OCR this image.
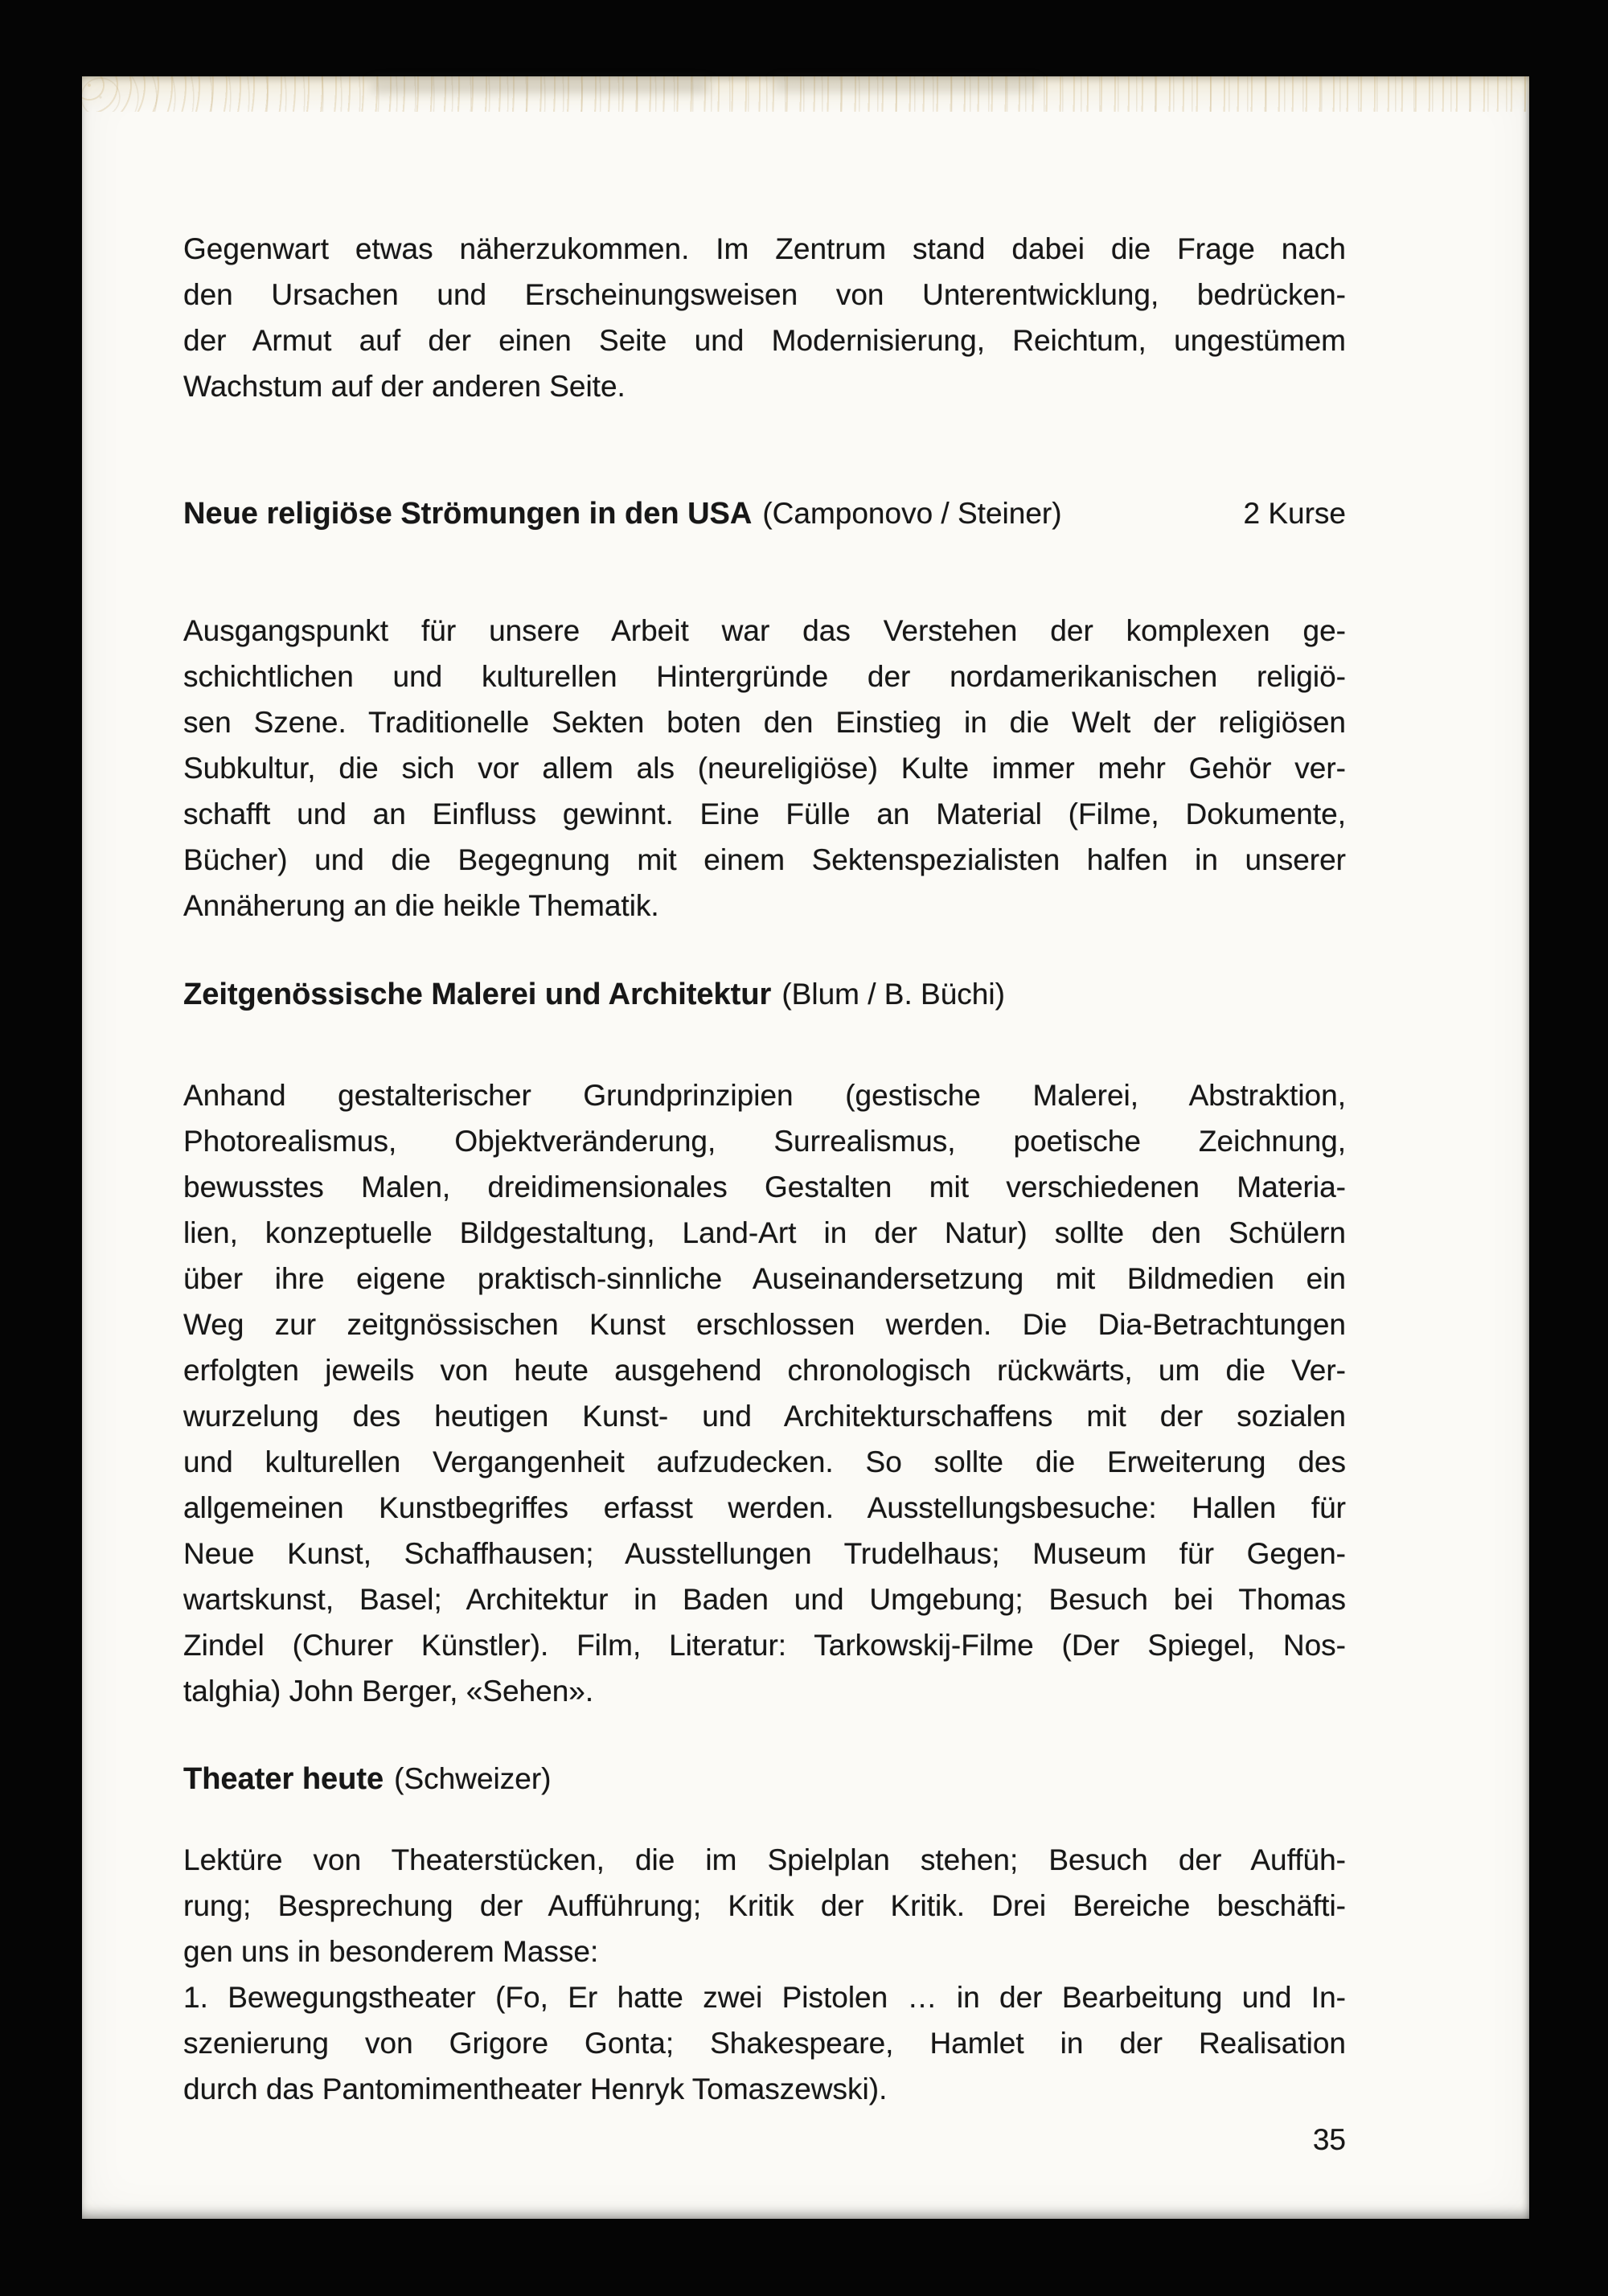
Gegenwart etwas näherzukommen. Im Zentrum stand dabei die Frage nach
den Ursachen und Erscheinungsweisen von Unterentwicklung, bedrücken-
der Armut auf der einen Seite und Modernisierung, Reichtum, ungestümem
Wachstum auf der anderen Seite.
Neue religiöse Strömungen in den USA (Camponovo / Steiner)	2 Kurse
Ausgangspunkt für unsere Arbeit war das Verstehen der komplexen ge-
schichtlichen und kulturellen Hintergründe der nordamerikanischen religiö-
sen Szene. Traditionelle Sekten boten den Einstieg in die Welt der religiösen
Subkultur, die sich vor allem als (neureligiöse) Kulte immer mehr Gehör ver-
schafft und an Einfluss gewinnt. Eine Fülle an Material (Filme, Dokumente,
Bücher) und die Begegnung mit einem Sektenspezialisten halfen in unserer
Annäherung an die heikle Thematik.
Zeitgenössische Malerei und Architektur (Blum / B. Büchi)
Anhand gestalterischer Grundprinzipien (gestische Malerei, Abstraktion,
Photorealismus, Objektveränderung, Surrealismus, poetische Zeichnung,
bewusstes Malen, dreidimensionales Gestalten mit verschiedenen Materia-
lien, konzeptuelle Bildgestaltung, Land-Art in der Natur) sollte den Schülern
über ihre eigene praktisch-sinnliche Auseinandersetzung mit Bildmedien ein
Weg zur zeitgnössischen Kunst erschlossen werden. Die Dia-Betrachtungen
erfolgten jeweils von heute ausgehend chronologisch rückwärts, um die Ver-
wurzelung des heutigen Kunst- und Architekturschaffens mit der sozialen
und kulturellen Vergangenheit aufzudecken. So sollte die Erweiterung des
allgemeinen Kunstbegriffes erfasst werden. Ausstellungsbesuche: Hallen für
Neue Kunst, Schaffhausen; Ausstellungen Trudelhaus; Museum für Gegen-
wartskunst, Basel; Architektur in Baden und Umgebung; Besuch bei Thomas
Zindel (Churer Künstler). Film, Literatur: Tarkowskij-Filme (Der Spiegel, Nos-
talghia) John Berger, «Sehen».
Theater heute (Schweizer)
Lektüre von Theaterstücken, die im Spielplan stehen; Besuch der Auffüh-
rung; Besprechung der Aufführung; Kritik der Kritik. Drei Bereiche beschäfti-
gen uns in besonderem Masse:
1. Bewegungstheater (Fo, Er hatte zwei Pistolen … in der Bearbeitung und In-
szenierung von Grigore Gonta; Shakespeare, Hamlet in der Realisation
durch das Pantomimentheater Henryk Tomaszewski).
35
